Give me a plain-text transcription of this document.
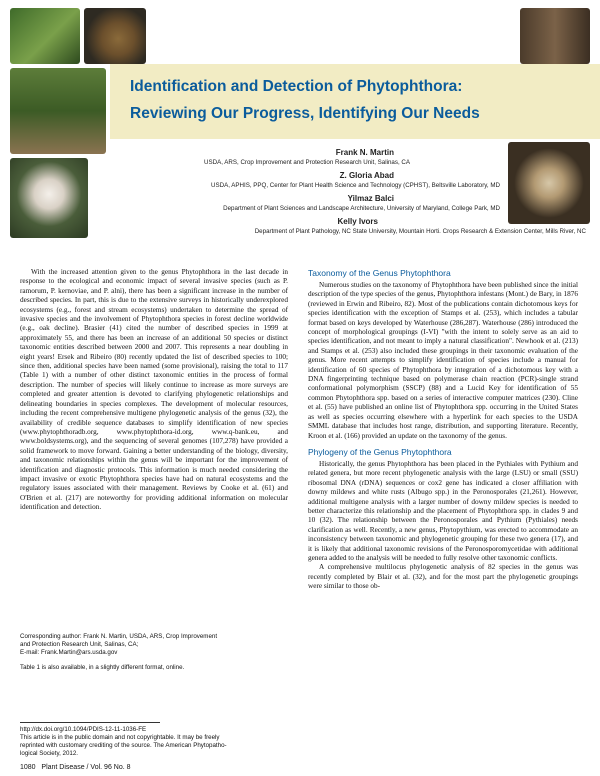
Identification and Detection of Phytophthora:
Reviewing Our Progress, Identifying Our Needs
Frank N. Martin
USDA, ARS, Crop Improvement and Protection Research Unit, Salinas, CA
Z. Gloria Abad
USDA, APHIS, PPQ, Center for Plant Health Science and Technology (CPHST), Beltsville Laboratory, MD
Yilmaz Balci
Department of Plant Sciences and Landscape Architecture, University of Maryland, College Park, MD
Kelly Ivors
Department of Plant Pathology, NC State University, Mountain Horti. Crops Research & Extension Center, Mills River, NC

With the increased attention given to the genus Phytophthora in the last decade in response to the ecological and economic impact of several invasive species (such as P. ramorum, P. kernoviae, and P. alni), there has been a significant increase in the number of described species. In part, this is due to the extensive surveys in historically underexplored ecosystems (e.g., forest and stream ecosystems) undertaken to determine the spread of invasive species and the involvement of Phytophthora species in forest decline worldwide (e.g., oak decline). Brasier (41) cited the number of described species in 1999 at approximately 55, and there has been an increase of an additional 50 species or distinct taxonomic entities described between 2000 and 2007. This represents a near doubling in eight years! Ersek and Ribeiro (80) recently updated the list of described species to 100; since then, additional species have been named (some provisional), raising the total to 117 (Table 1) with a number of other distinct taxonomic entities in the process of formal description. The number of species will likely continue to increase as more surveys are completed and greater attention is devoted to clarifying phylogenetic relationships and delineating boundaries in species complexes. The development of molecular resources, including the recent comprehensive multigene phylogenetic analysis of the genus (32), the availability of credible sequence databases to simplify identification of new species (www.phytophthoradb.org, www.phytophthora-id.org, www.q-bank.eu, and www.boldsystems.org), and the sequencing of several genomes (107,278) have provided a solid framework to move forward. Gaining a better understanding of the biology, diversity, and taxonomic relationships within the genus will be important for the improvement of identification and diagnostic protocols. This information is much needed considering the impact invasive or exotic Phytophthora species have had on natural ecosystems and the regulatory issues associated with their management. Reviews by Cooke et al. (61) and O'Brien et al. (217) are noteworthy for providing additional information on molecular identification and detection.

Corresponding author: Frank N. Martin, USDA, ARS, Crop Improvement

and Protection Research Unit, Salinas, CA;

E-mail: Frank.Martin@ars.usda.gov

Table 1 is also available, in a slightly different format, online.

http://dx.doi.org/10.1094/PDIS-12-11-1036-FE

This article is in the public domain and not copyrightable. It may be freely

reprinted with customary crediting of the source. The American Phytopatho-

logical Society, 2012.

1080   Plant Disease / Vol. 96 No. 8
Taxonomy of the Genus Phytophthora

Numerous studies on the taxonomy of Phytophthora have been published since the initial description of the type species of the genus, Phytophthora infestans (Mont.) de Bary, in 1876 (reviewed in Erwin and Ribeiro, 82). Most of the publications contain dichotomous keys for species identification with the exception of Stamps et al. (253), which includes a tabular format based on keys developed by Waterhouse (286,287). Waterhouse (286) introduced the concept of morphological groupings (I-VI) "with the intent to solely serve as an aid to species identification, and not meant to imply a natural classification". Newhook et al. (213) and Stamps et al. (253) also included these groupings in their taxonomic evaluation of the genus. More recent attempts to simplify identification of species include a manual for identification of 60 species of Phytophthora by integration of a dichotomous key with a DNA fingerprinting technique based on polymerase chain reaction (PCR)-single strand conformational polymorphism (SSCP) (88) and a Lucid Key for identification of 55 common Phytophthora spp. based on a series of interactive computer matrices (230). Cline et al. (55) have published an online list of Phytophthora spp. occurring in the United States as well as species occurring elsewhere with a hyperlink for each species to the USDA SMML database that includes host range, distribution, and supporting literature. Recently, Kroon et al. (166) provided an update on the taxonomy of the genus.

Phylogeny of the Genus Phytophthora

Historically, the genus Phytophthora has been placed in the Pythiales with Pythium and related genera, but more recent phylogenetic analysis with the large (LSU) or small (SSU) ribosomal DNA (rDNA) sequences or cox2 gene has indicated a closer affiliation with downy mildews and white rusts (Albugo spp.) in the Peronosporales (21,261). However, additional multigene analysis with a larger number of downy mildew species is needed to better characterize this relationship and the placement of Phytophthora spp. in clades 9 and 10 (32). The relationship between the Peronosporales and Pythium (Pythiales) needs clarification as well. Recently, a new genus, Phytopythium, was erected to accommodate an inconsistency between taxonomic and phylogenetic grouping for these two genera (17), and it is likely that additional taxonomic revisions of the Peronosporomycetidae with additional genera added to the analysis will be needed to fully resolve other taxonomic conflicts.

A comprehensive multilocus phylogenetic analysis of 82 species in the genus was recently completed by Blair et al. (32), and for the most part the phylogenetic groupings were similar to those ob-
